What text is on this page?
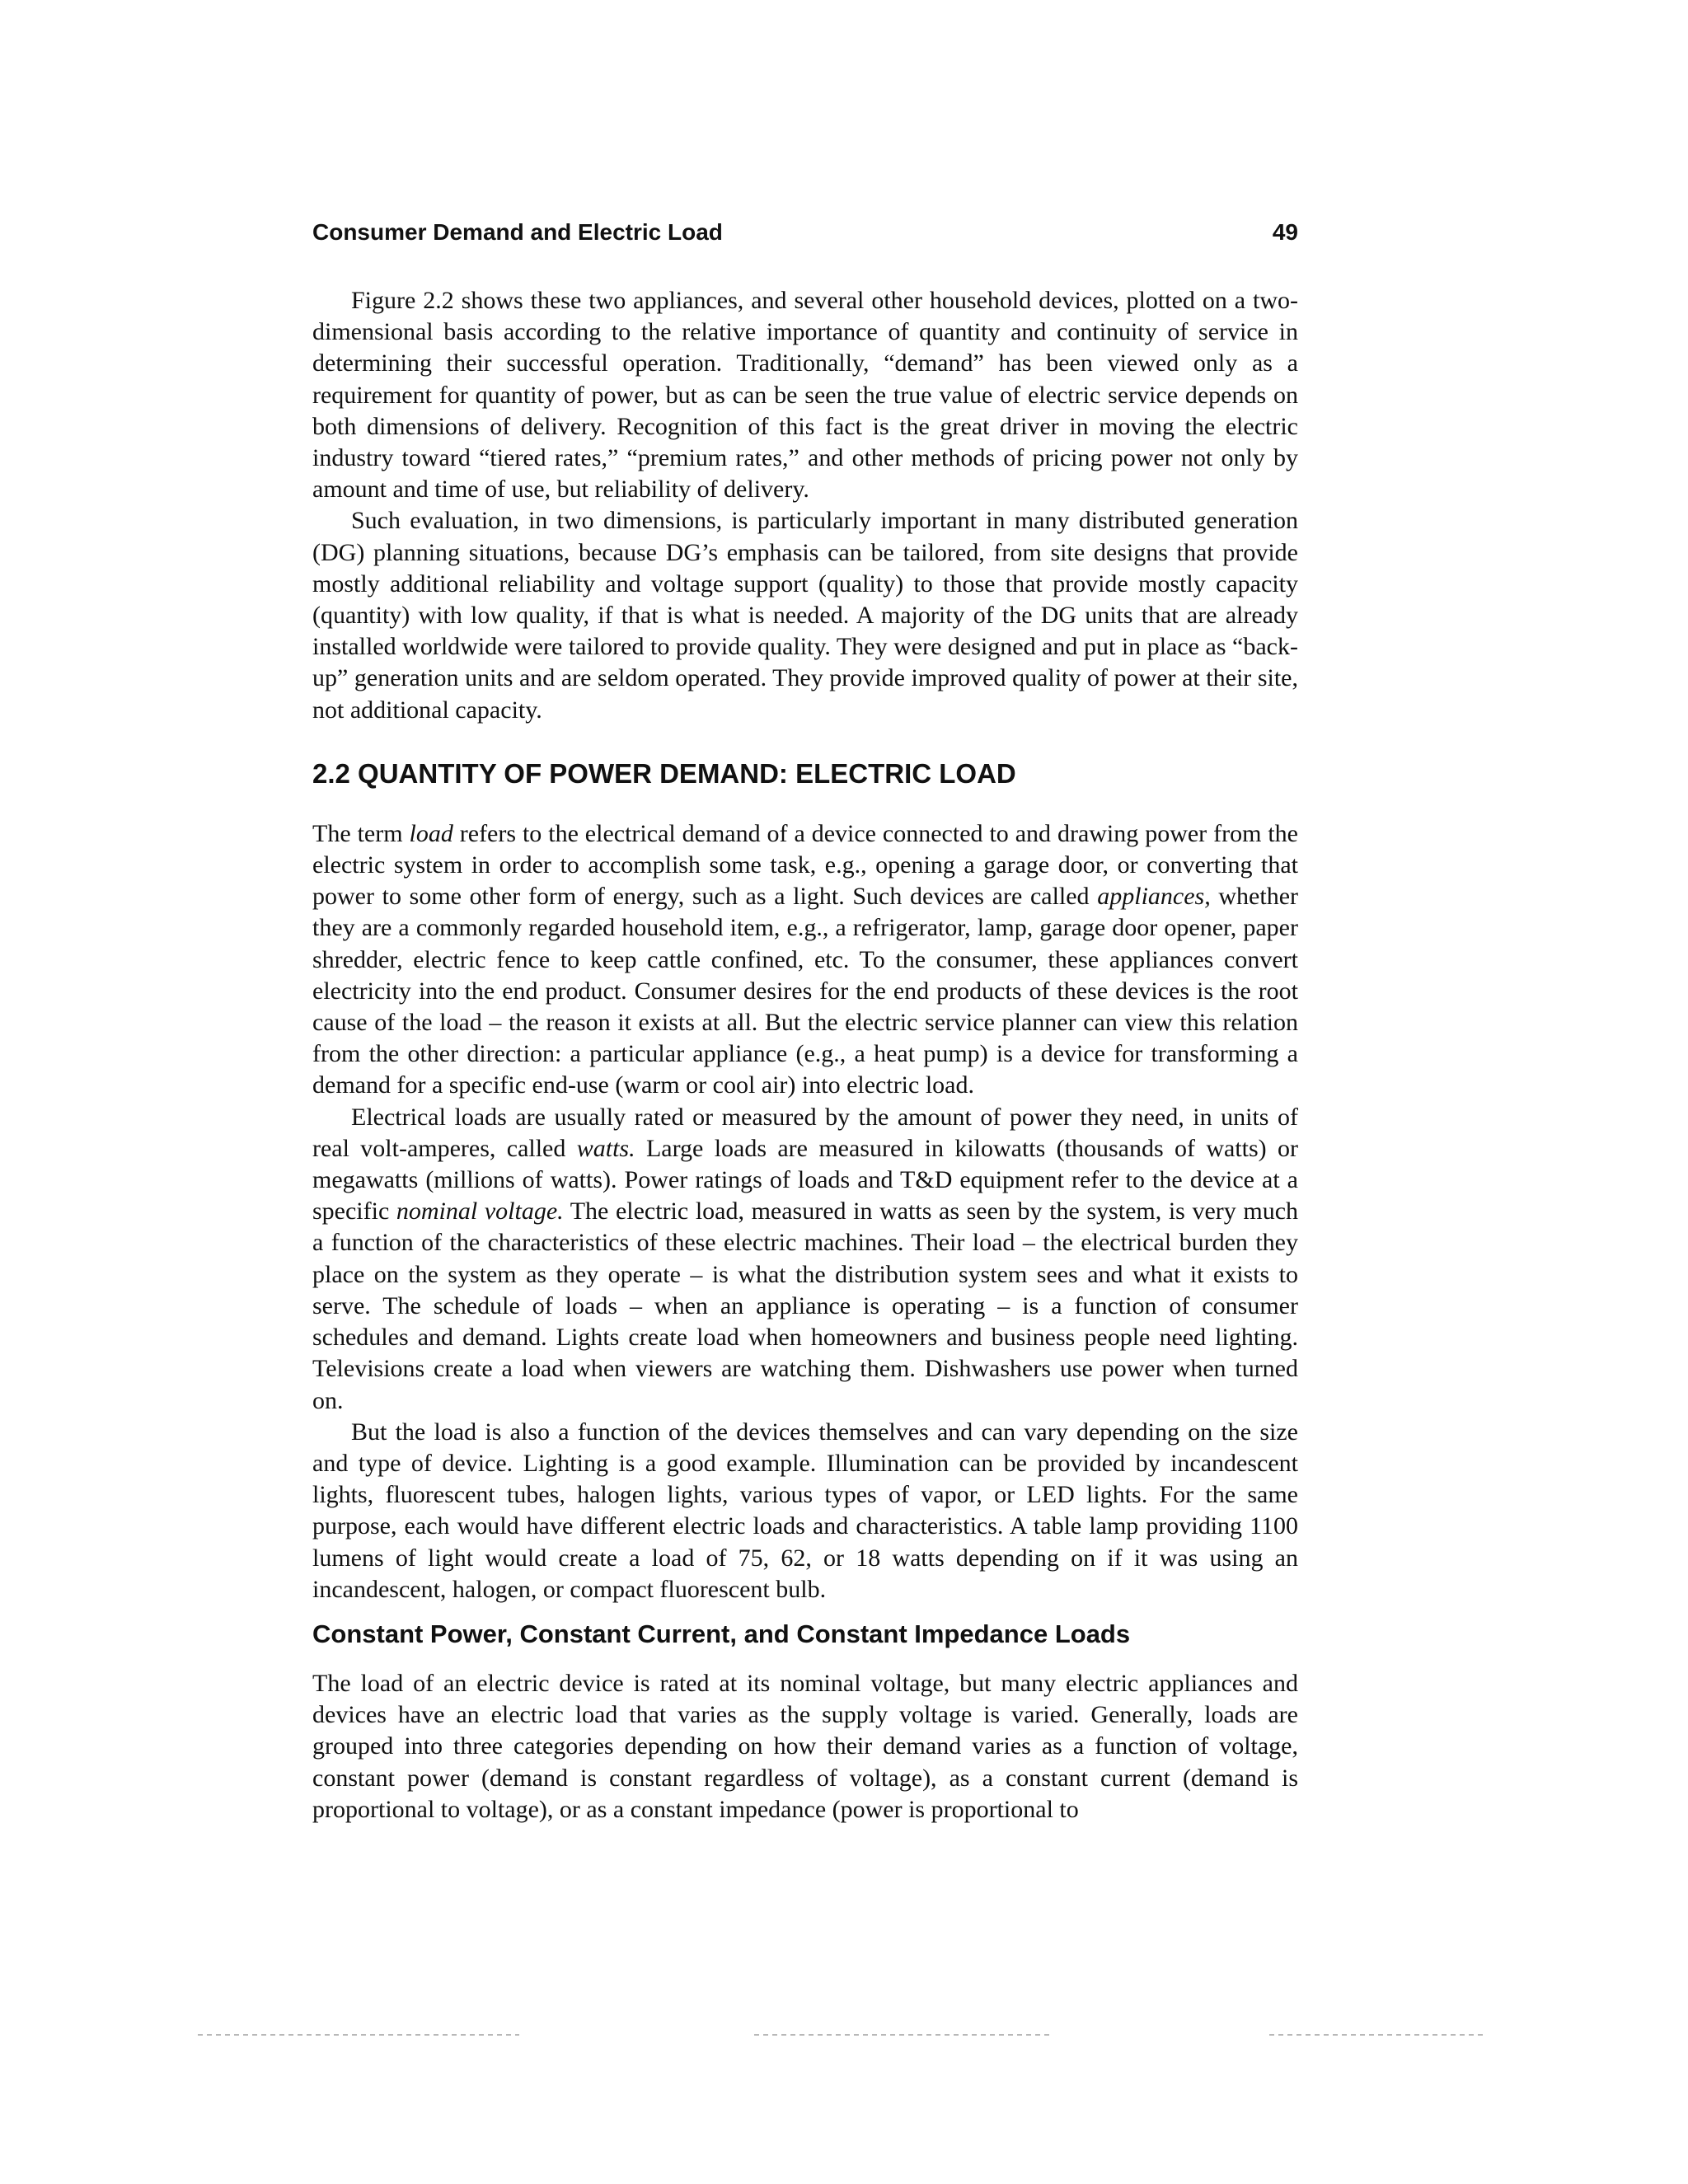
Consumer Demand and Electric Load	49

Figure 2.2 shows these two appliances, and several other household devices, plotted on a two-dimensional basis according to the relative importance of quantity and continuity of service in determining their successful operation. Traditionally, “demand” has been viewed only as a requirement for quantity of power, but as can be seen the true value of electric service depends on both dimensions of delivery. Recognition of this fact is the great driver in moving the electric industry toward “tiered rates,” “premium rates,” and other methods of pricing power not only by amount and time of use, but reliability of delivery.

Such evaluation, in two dimensions, is particularly important in many distributed generation (DG) planning situations, because DG’s emphasis can be tailored, from site designs that provide mostly additional reliability and voltage support (quality) to those that provide mostly capacity (quantity) with low quality, if that is what is needed. A majority of the DG units that are already installed worldwide were tailored to provide quality. They were designed and put in place as “back-up” generation units and are seldom operated. They provide improved quality of power at their site, not additional capacity.

2.2 QUANTITY OF POWER DEMAND: ELECTRIC LOAD

The term load refers to the electrical demand of a device connected to and drawing power from the electric system in order to accomplish some task, e.g., opening a garage door, or converting that power to some other form of energy, such as a light. Such devices are called appliances, whether they are a commonly regarded household item, e.g., a refrigerator, lamp, garage door opener, paper shredder, electric fence to keep cattle confined, etc. To the consumer, these appliances convert electricity into the end product. Consumer desires for the end products of these devices is the root cause of the load – the reason it exists at all. But the electric service planner can view this relation from the other direction: a particular appliance (e.g., a heat pump) is a device for transforming a demand for a specific end-use (warm or cool air) into electric load.

Electrical loads are usually rated or measured by the amount of power they need, in units of real volt-amperes, called watts. Large loads are measured in kilowatts (thousands of watts) or megawatts (millions of watts). Power ratings of loads and T&D equipment refer to the device at a specific nominal voltage. The electric load, measured in watts as seen by the system, is very much a function of the characteristics of these electric machines. Their load – the electrical burden they place on the system as they operate – is what the distribution system sees and what it exists to serve. The schedule of loads – when an appliance is operating – is a function of consumer schedules and demand. Lights create load when homeowners and business people need lighting. Televisions create a load when viewers are watching them. Dishwashers use power when turned on.

But the load is also a function of the devices themselves and can vary depending on the size and type of device. Lighting is a good example. Illumination can be provided by incandescent lights, fluorescent tubes, halogen lights, various types of vapor, or LED lights. For the same purpose, each would have different electric loads and characteristics. A table lamp providing 1100 lumens of light would create a load of 75, 62, or 18 watts depending on if it was using an incandescent, halogen, or compact fluorescent bulb.

Constant Power, Constant Current, and Constant Impedance Loads

The load of an electric device is rated at its nominal voltage, but many electric appliances and devices have an electric load that varies as the supply voltage is varied. Generally, loads are grouped into three categories depending on how their demand varies as a function of voltage, constant power (demand is constant regardless of voltage), as a constant current (demand is proportional to voltage), or as a constant impedance (power is proportional to
